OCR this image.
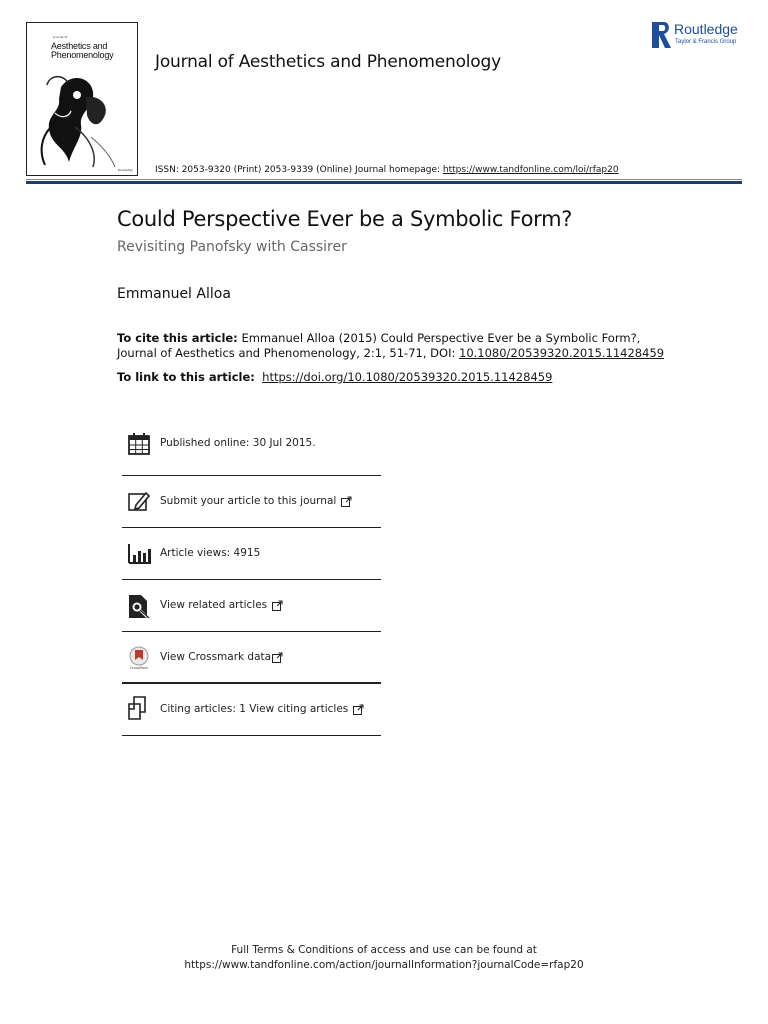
Journal of
Aesthetics and Phenomenology
Routledge
Journal of Aesthetics and Phenomenology
ISSN: 2053-9320 (Print) 2053-9339 (Online) Journal homepage: https://www.tandfonline.com/loi/rfap20
Routledge
Taylor & Francis Group
Could Perspective Ever be a Symbolic Form?
Revisiting Panofsky with Cassirer
Emmanuel Alloa
To cite this article: Emmanuel Alloa (2015) Could Perspective Ever be a Symbolic Form?, Journal of Aesthetics and Phenomenology, 2:1, 51-71, DOI: 10.1080/20539320.2015.11428459
To link to this article: https://doi.org/10.1080/20539320.2015.11428459
Published online: 30 Jul 2015.
Submit your article to this journal
Article views: 4915
View related articles
CrossMark
View Crossmark data
Citing articles: 1 View citing articles
Full Terms & Conditions of access and use can be found at
https://www.tandfonline.com/action/journalInformation?journalCode=rfap20
